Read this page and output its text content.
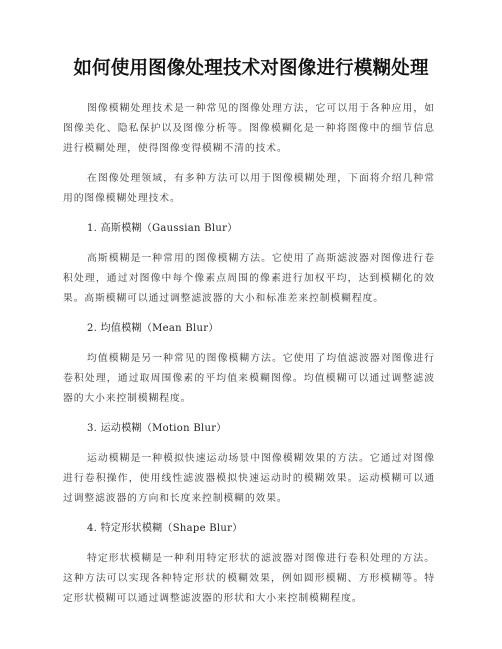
如何使用图像处理技术对图像进行模糊处理

图像模糊处理技术是一种常见的图像处理方法，它可以用于各种应用，如图像美化、隐私保护以及图像分析等。图像模糊化是一种将图像中的细节信息进行模糊处理，使得图像变得模糊不清的技术。

在图像处理领域，有多种方法可以用于图像模糊处理，下面将介绍几种常用的图像模糊处理技术。

1. 高斯模糊（Gaussian Blur）

高斯模糊是一种常用的图像模糊方法。它使用了高斯滤波器对图像进行卷积处理，通过对图像中每个像素点周围的像素进行加权平均，达到模糊化的效果。高斯模糊可以通过调整滤波器的大小和标准差来控制模糊程度。

2. 均值模糊（Mean Blur）

均值模糊是另一种常见的图像模糊方法。它使用了均值滤波器对图像进行卷积处理，通过取周围像素的平均值来模糊图像。均值模糊可以通过调整滤波器的大小来控制模糊程度。

3. 运动模糊（Motion Blur）

运动模糊是一种模拟快速运动场景中图像模糊效果的方法。它通过对图像进行卷积操作，使用线性滤波器模拟快速运动时的模糊效果。运动模糊可以通过调整滤波器的方向和长度来控制模糊的效果。

4. 特定形状模糊（Shape Blur）

特定形状模糊是一种利用特定形状的滤波器对图像进行卷积处理的方法。这种方法可以实现各种特定形状的模糊效果，例如圆形模糊、方形模糊等。特定形状模糊可以通过调整滤波器的形状和大小来控制模糊程度。
